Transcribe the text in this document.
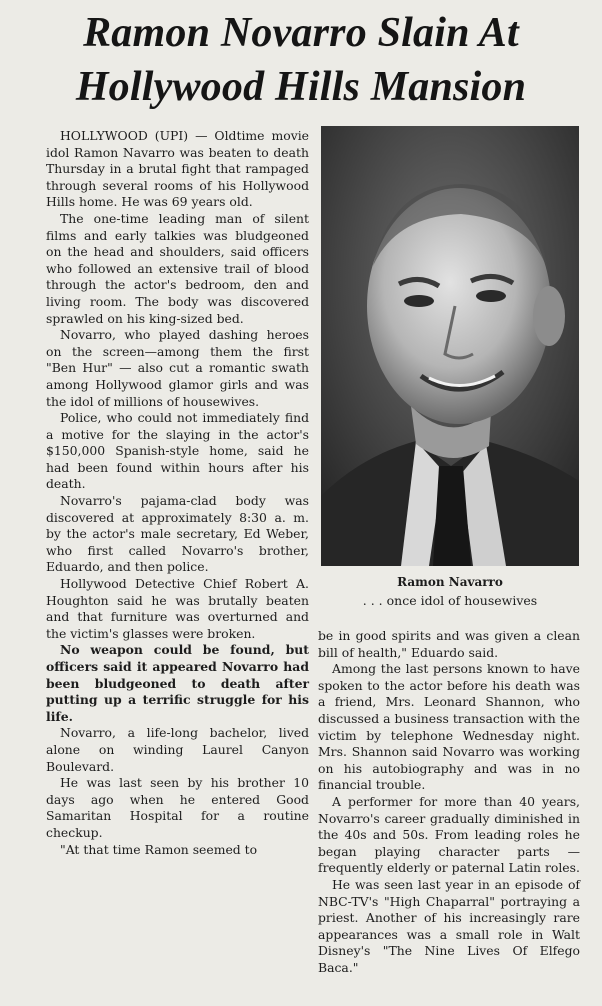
Ramon Novarro Slain At
Hollywood Hills Mansion

HOLLYWOOD (UPI) — Oldtime movie idol Ramon Navarro was beaten to death Thursday in a brutal fight that rampaged through several rooms of his Hollywood Hills home. He was 69 years old.

The one-time leading man of silent films and early talkies was bludgeoned on the head and shoulders, said officers who followed an extensive trail of blood through the actor's bedroom, den and living room. The body was discovered sprawled on his king-sized bed.

Novarro, who played dashing heroes on the screen—among them the first "Ben Hur" — also cut a romantic swath among Hollywood glamor girls and was the idol of millions of housewives.

Police, who could not immediately find a motive for the slaying in the actor's $150,000 Spanish-style home, said he had been found within hours after his death.

Novarro's pajama-clad body was discovered at approximately 8:30 a. m. by the actor's male secretary, Ed Weber, who first called Novarro's brother, Eduardo, and then police.

Hollywood Detective Chief Robert A. Houghton said he was brutally beaten and that furniture was overturned and the victim's glasses were broken.

No weapon could be found, but officers said it appeared Novarro had been bludgeoned to death after putting up a terrific struggle for his life.

Novarro, a life-long bachelor, lived alone on winding Laurel Canyon Boulevard.

He was last seen by his brother 10 days ago when he entered Good Samaritan Hospital for a routine checkup.

"At that time Ramon seemed to

Ramon Navarro
. . . once idol of housewives

be in good spirits and was given a clean bill of health," Eduardo said.

Among the last persons known to have spoken to the actor before his death was a friend, Mrs. Leonard Shannon, who discussed a business transaction with the victim by telephone Wednesday night. Mrs. Shannon said Novarro was working on his autobiography and was in no financial trouble.

A performer for more than 40 years, Novarro's career gradually diminished in the 40s and 50s. From leading roles he began playing character parts — frequently elderly or paternal Latin roles.

He was seen last year in an episode of NBC-TV's "High Chaparral" portraying a priest. Another of his increasingly rare appearances was a small role in Walt Disney's "The Nine Lives Of Elfego Baca."
